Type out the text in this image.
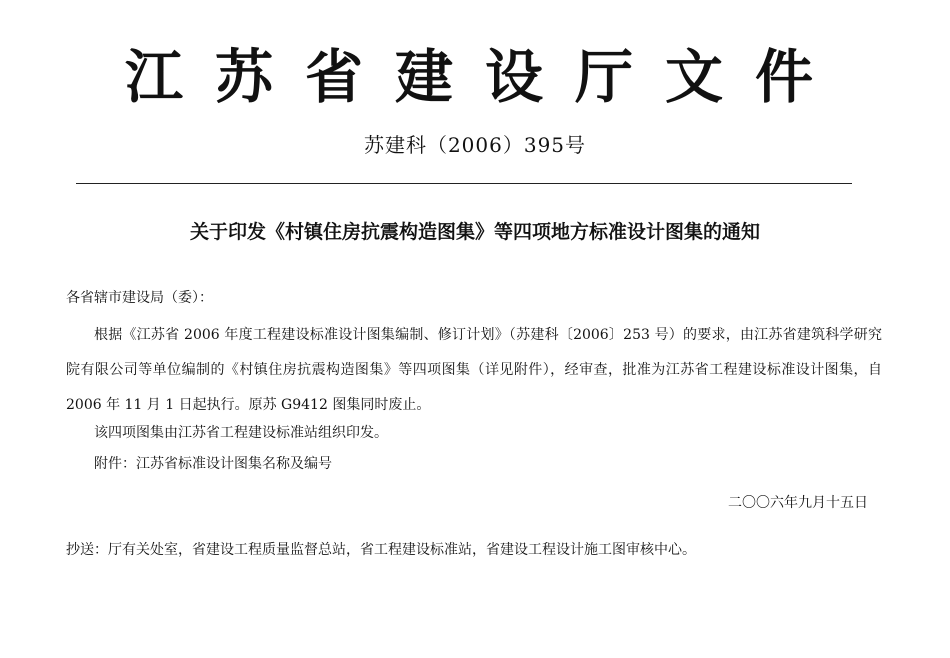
江苏省建设厅文件
苏建科（2006）395号
关于印发《村镇住房抗震构造图集》等四项地方标准设计图集的通知
各省辖市建设局（委）：
根据《江苏省 2006 年度工程建设标准设计图集编制、修订计划》（苏建科〔2006〕253 号）的要求，由江苏省建筑科学研究院有限公司等单位编制的《村镇住房抗震构造图集》等四项图集（详见附件），经审查，批准为江苏省工程建设标准设计图集，自 2006 年 11 月 1 日起执行。原苏 G9412 图集同时废止。
该四项图集由江苏省工程建设标准站组织印发。
附件：江苏省标准设计图集名称及编号
二〇〇六年九月十五日
抄送：厅有关处室，省建设工程质量监督总站，省工程建设标准站，省建设工程设计施工图审核中心。
